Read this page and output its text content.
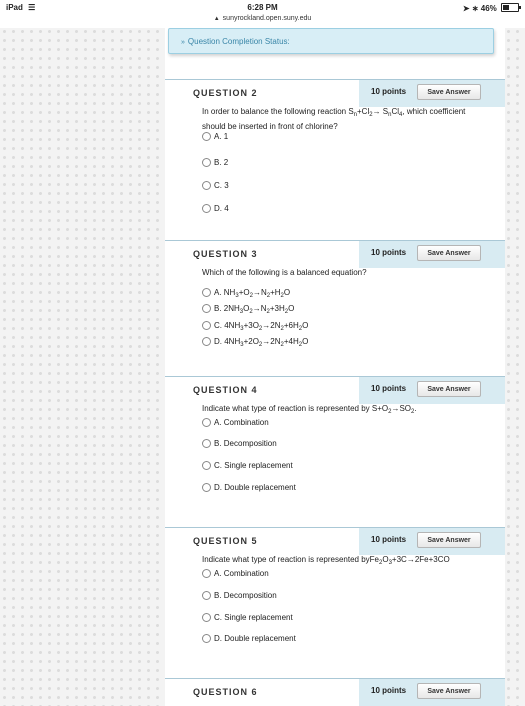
iPad ☰	6:28 PM
▲ sunyrockland.open.suny.edu
➤ ∗ 46%
» Question Completion Status:
QUESTION 2	10 points	Save Answer
In order to balance the following reaction $S_n+Cl_2\to S_nCl_4$, which coefficient should be inserted in front of chlorine?
A. 1
B. 2
C. 3
D. 4
QUESTION 3	10 points	Save Answer
Which of the following is a balanced equation?
A. $NH_3+O_2\to N_2+H_2O$
B. $2NH_3O_2\to N_2+3H_2O$
C. $4NH_3+3O_2\to 2N_2+6H_2O$
D. $4NH_3+2O_2\to 2N_2+4H_2O$
QUESTION 4	10 points	Save Answer
Indicate what type of reaction is represented by $S+O_2\to SO_2$.
A. Combination
B. Decomposition
C. Single replacement
D. Double replacement
QUESTION 5	10 points	Save Answer
Indicate what type of reaction is represented $byFe_2O_3+3C\to 2Fe+3CO$
A. Combination
B. Decomposition
C. Single replacement
D. Double replacement
QUESTION 6	10 points	Save Answer
